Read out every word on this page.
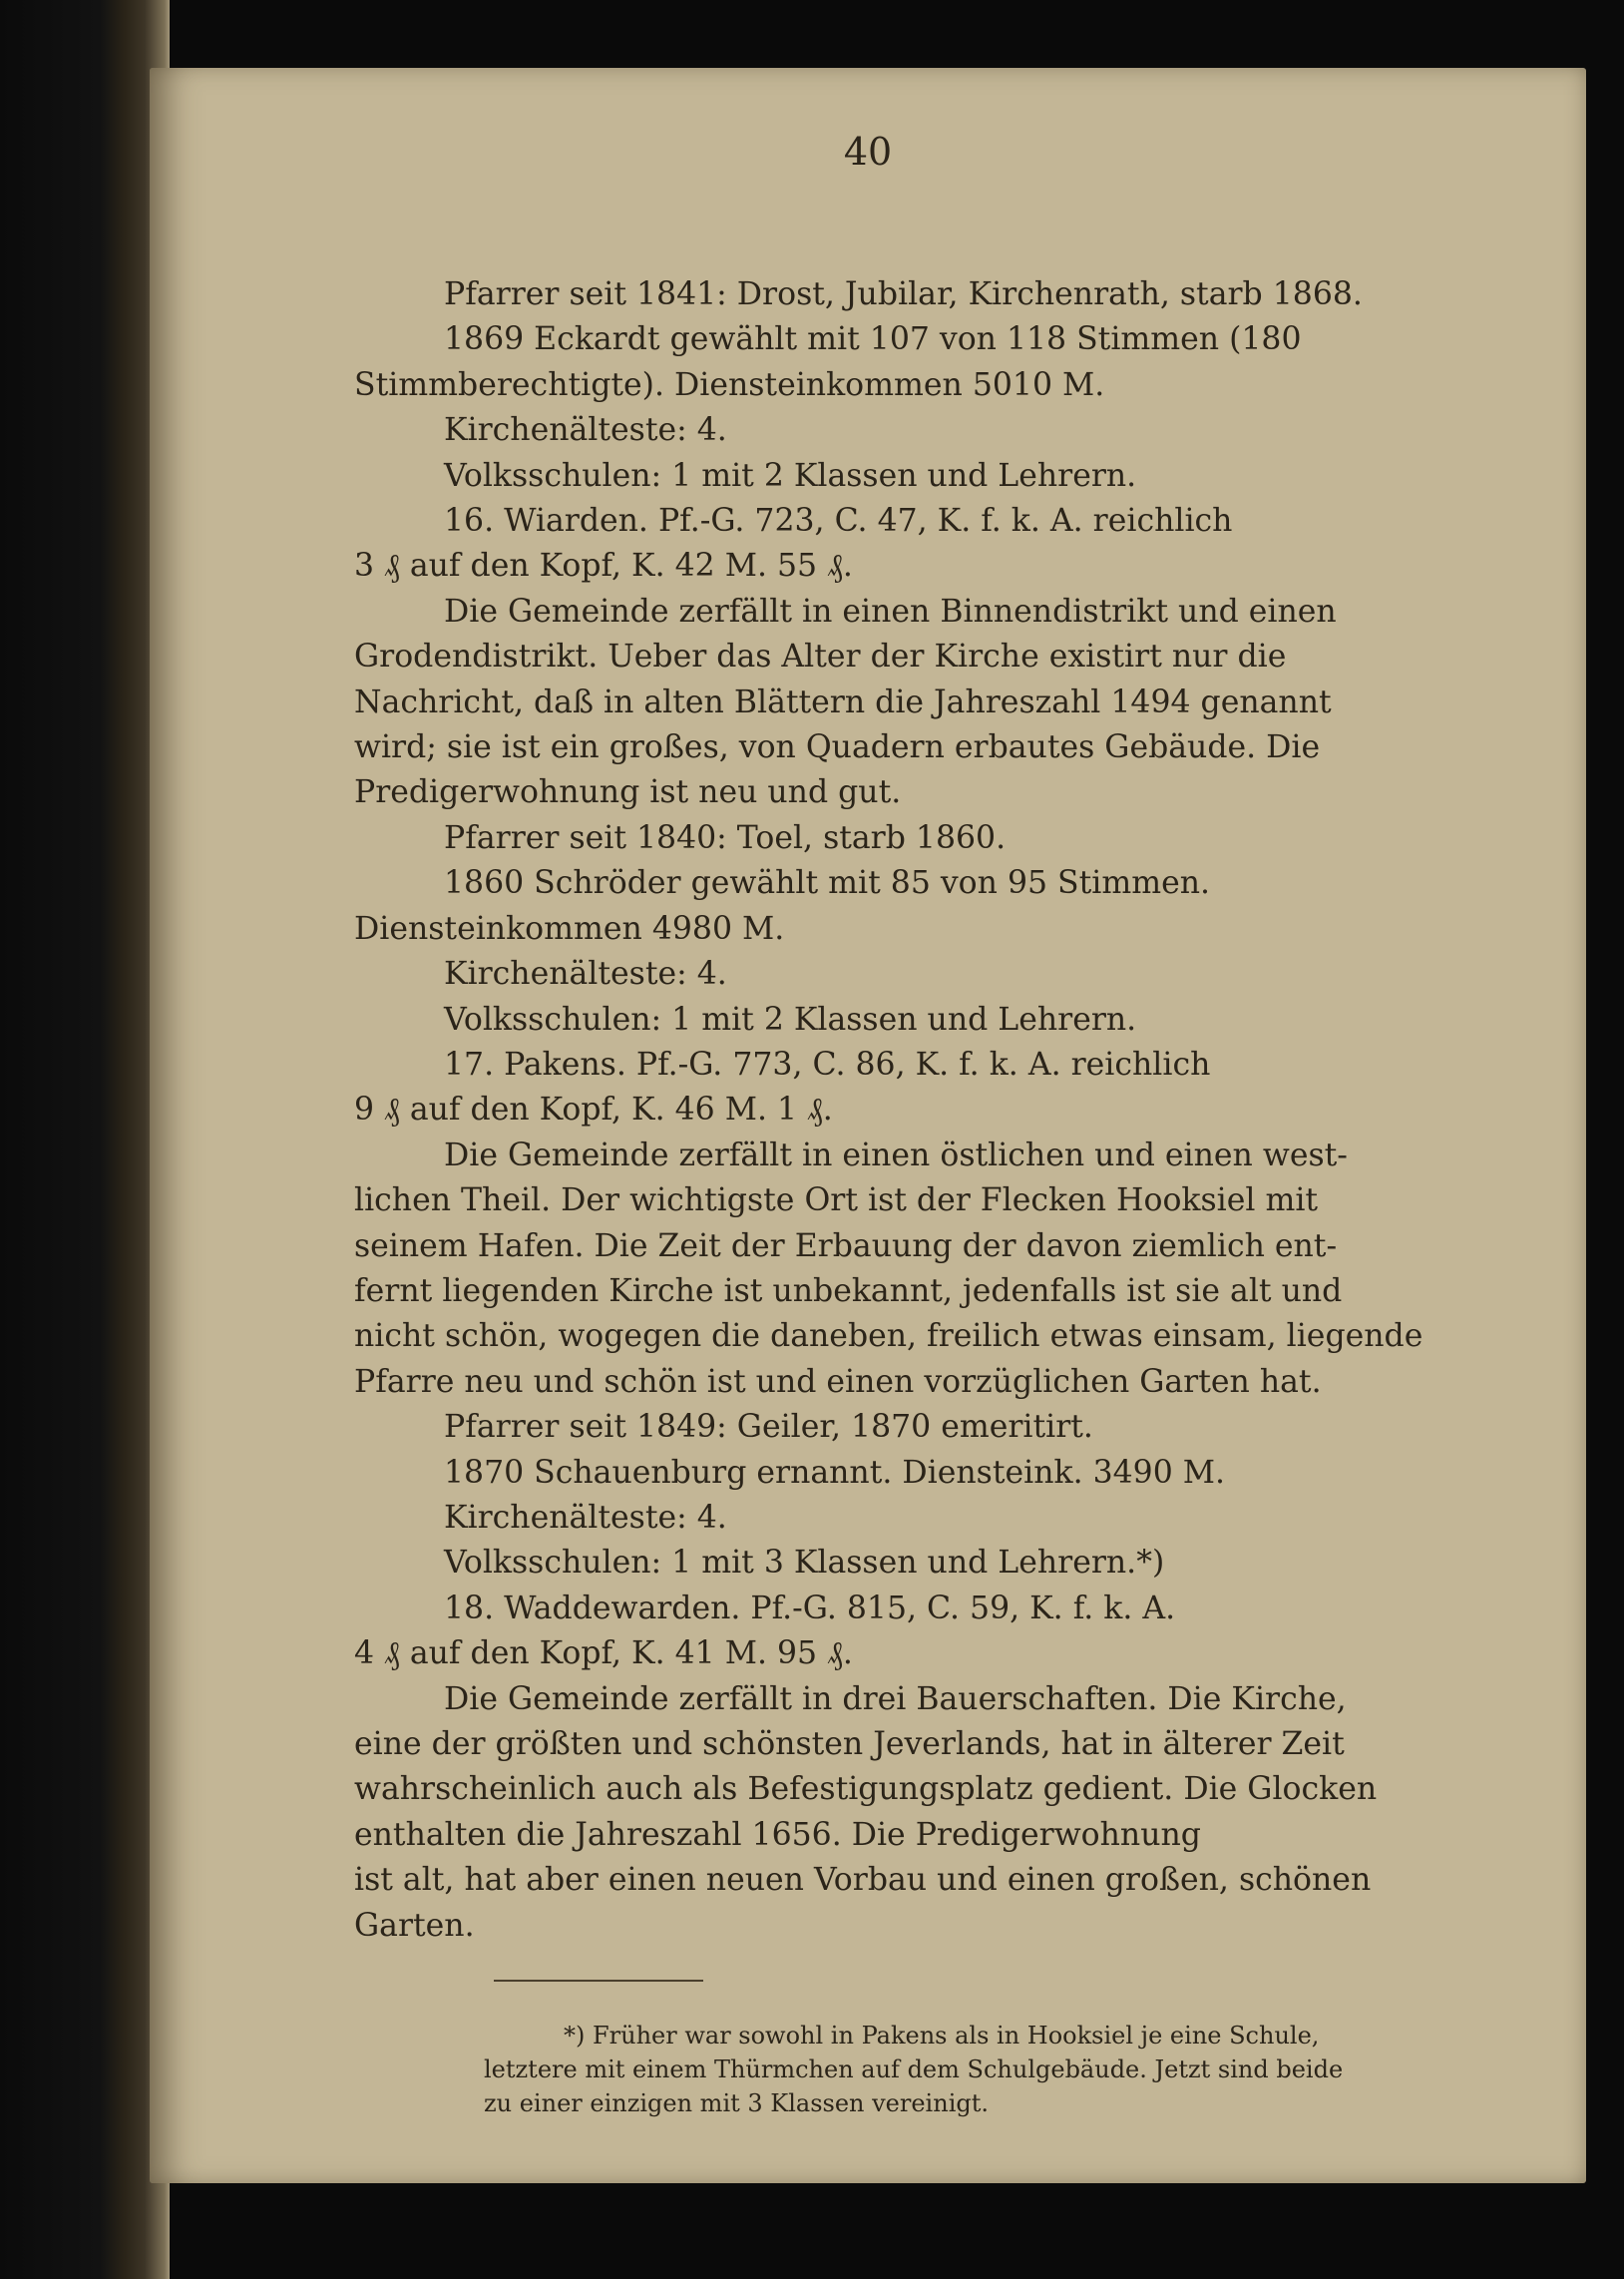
40
Pfarrer seit 1841: Drost, Jubilar, Kirchenrath, starb 1868.
1869 Eckardt gewählt mit 107 von 118 Stimmen (180
Stimmberechtigte). Diensteinkommen 5010 M.
Kirchenälteste: 4.
Volksschulen: 1 mit 2 Klassen und Lehrern.
16. Wiarden. Pf.-G. 723, C. 47, K. f. k. A. reichlich
3 ₰ auf den Kopf, K. 42 M. 55 ₰.
Die Gemeinde zerfällt in einen Binnendistrikt und einen
Grodendistrikt. Ueber das Alter der Kirche existirt nur die
Nachricht, daß in alten Blättern die Jahreszahl 1494 genannt
wird; sie ist ein großes, von Quadern erbautes Gebäude. Die
Predigerwohnung ist neu und gut.
Pfarrer seit 1840: Toel, starb 1860.
1860 Schröder gewählt mit 85 von 95 Stimmen.
Diensteinkommen 4980 M.
Kirchenälteste: 4.
Volksschulen: 1 mit 2 Klassen und Lehrern.
17. Pakens. Pf.-G. 773, C. 86, K. f. k. A. reichlich
9 ₰ auf den Kopf, K. 46 M. 1 ₰.
Die Gemeinde zerfällt in einen östlichen und einen west-
lichen Theil. Der wichtigste Ort ist der Flecken Hooksiel mit
seinem Hafen. Die Zeit der Erbauung der davon ziemlich ent-
fernt liegenden Kirche ist unbekannt, jedenfalls ist sie alt und
nicht schön, wogegen die daneben, freilich etwas einsam, liegende
Pfarre neu und schön ist und einen vorzüglichen Garten hat.
Pfarrer seit 1849: Geiler, 1870 emeritirt.
1870 Schauenburg ernannt. Diensteink. 3490 M.
Kirchenälteste: 4.
Volksschulen: 1 mit 3 Klassen und Lehrern.*)
18. Waddewarden. Pf.-G. 815, C. 59, K. f. k. A.
4 ₰ auf den Kopf, K. 41 M. 95 ₰.
Die Gemeinde zerfällt in drei Bauerschaften. Die Kirche,
eine der größten und schönsten Jeverlands, hat in älterer Zeit
wahrscheinlich auch als Befestigungsplatz gedient. Die Glocken
enthalten die Jahreszahl 1656. Die Predigerwohnung
ist alt, hat aber einen neuen Vorbau und einen großen, schönen
Garten.
*) Früher war sowohl in Pakens als in Hooksiel je eine Schule,
letztere mit einem Thürmchen auf dem Schulgebäude. Jetzt sind beide
zu einer einzigen mit 3 Klassen vereinigt.
